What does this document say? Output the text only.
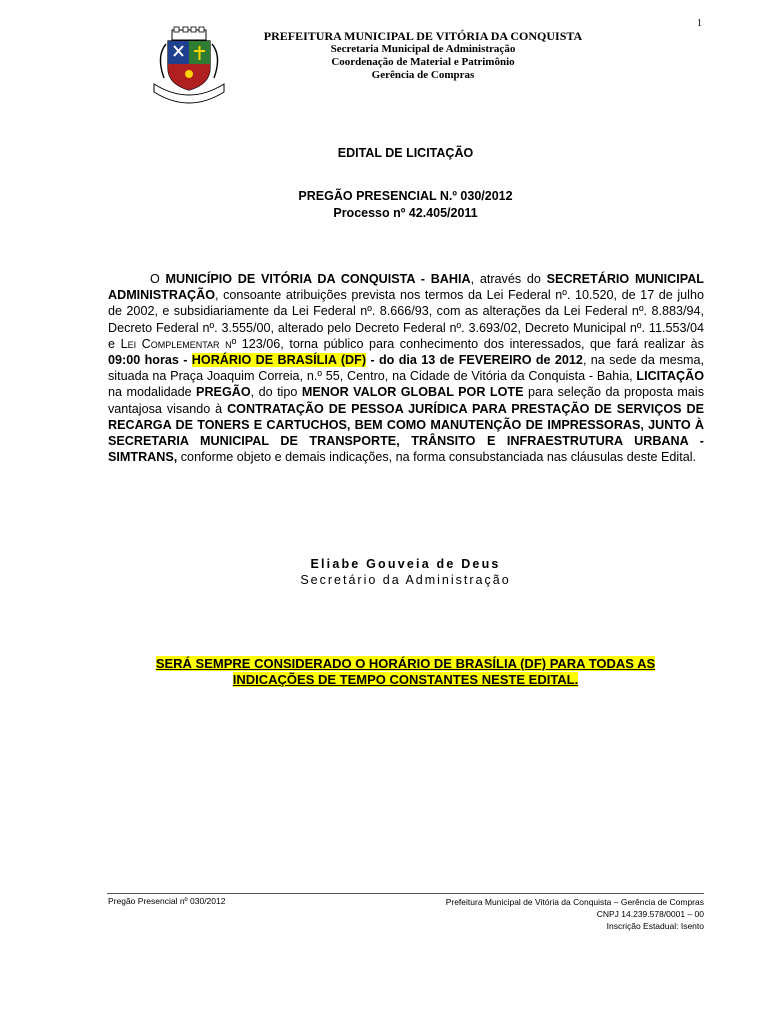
1
PREFEITURA MUNICIPAL DE VITÓRIA DA CONQUISTA
Secretaria Municipal de Administração
Coordenação de Material e Patrimônio
Gerência de Compras
EDITAL DE LICITAÇÃO
PREGÃO PRESENCIAL N.º 030/2012
Processo nº 42.405/2011
O MUNICÍPIO DE VITÓRIA DA CONQUISTA - BAHIA, através do SECRETÁRIO MUNICIPAL ADMINISTRAÇÃO, consoante atribuições prevista nos termos da Lei Federal nº. 10.520, de 17 de julho de 2002, e subsidiariamente da Lei Federal nº. 8.666/93, com as alterações da Lei Federal nº. 8.883/94, Decreto Federal nº. 3.555/00, alterado pelo Decreto Federal nº. 3.693/02, Decreto Municipal nº. 11.553/04 e Lei Complementar nº 123/06, torna público para conhecimento dos interessados, que fará realizar às 09:00 horas - HORÁRIO DE BRASÍLIA (DF) - do dia 13 de FEVEREIRO de 2012, na sede da mesma, situada na Praça Joaquim Correia, n.º 55, Centro, na Cidade de Vitória da Conquista - Bahia, LICITAÇÃO na modalidade PREGÃO, do tipo MENOR VALOR GLOBAL POR LOTE para seleção da proposta mais vantajosa visando à CONTRATAÇÃO DE PESSOA JURÍDICA PARA PRESTAÇÃO DE SERVIÇOS DE RECARGA DE TONERS E CARTUCHOS, BEM COMO MANUTENÇÃO DE IMPRESSORAS, JUNTO À SECRETARIA MUNICIPAL DE TRANSPORTE, TRÂNSITO E INFRAESTRUTURA URBANA - SIMTRANS, conforme objeto e demais indicações, na forma consubstanciada nas cláusulas deste Edital.
Eliabe Gouveia de Deus
Secretário da Administração
SERÁ SEMPRE CONSIDERADO O HORÁRIO DE BRASÍLIA (DF) PARA TODAS AS
INDICAÇÕES DE TEMPO CONSTANTES NESTE EDITAL.
Pregão Presencial nº 030/2012	Prefeitura Municipal de Vitória da Conquista – Gerência de Compras
CNPJ 14.239.578/0001 – 00
Inscrição Estadual: Isento
